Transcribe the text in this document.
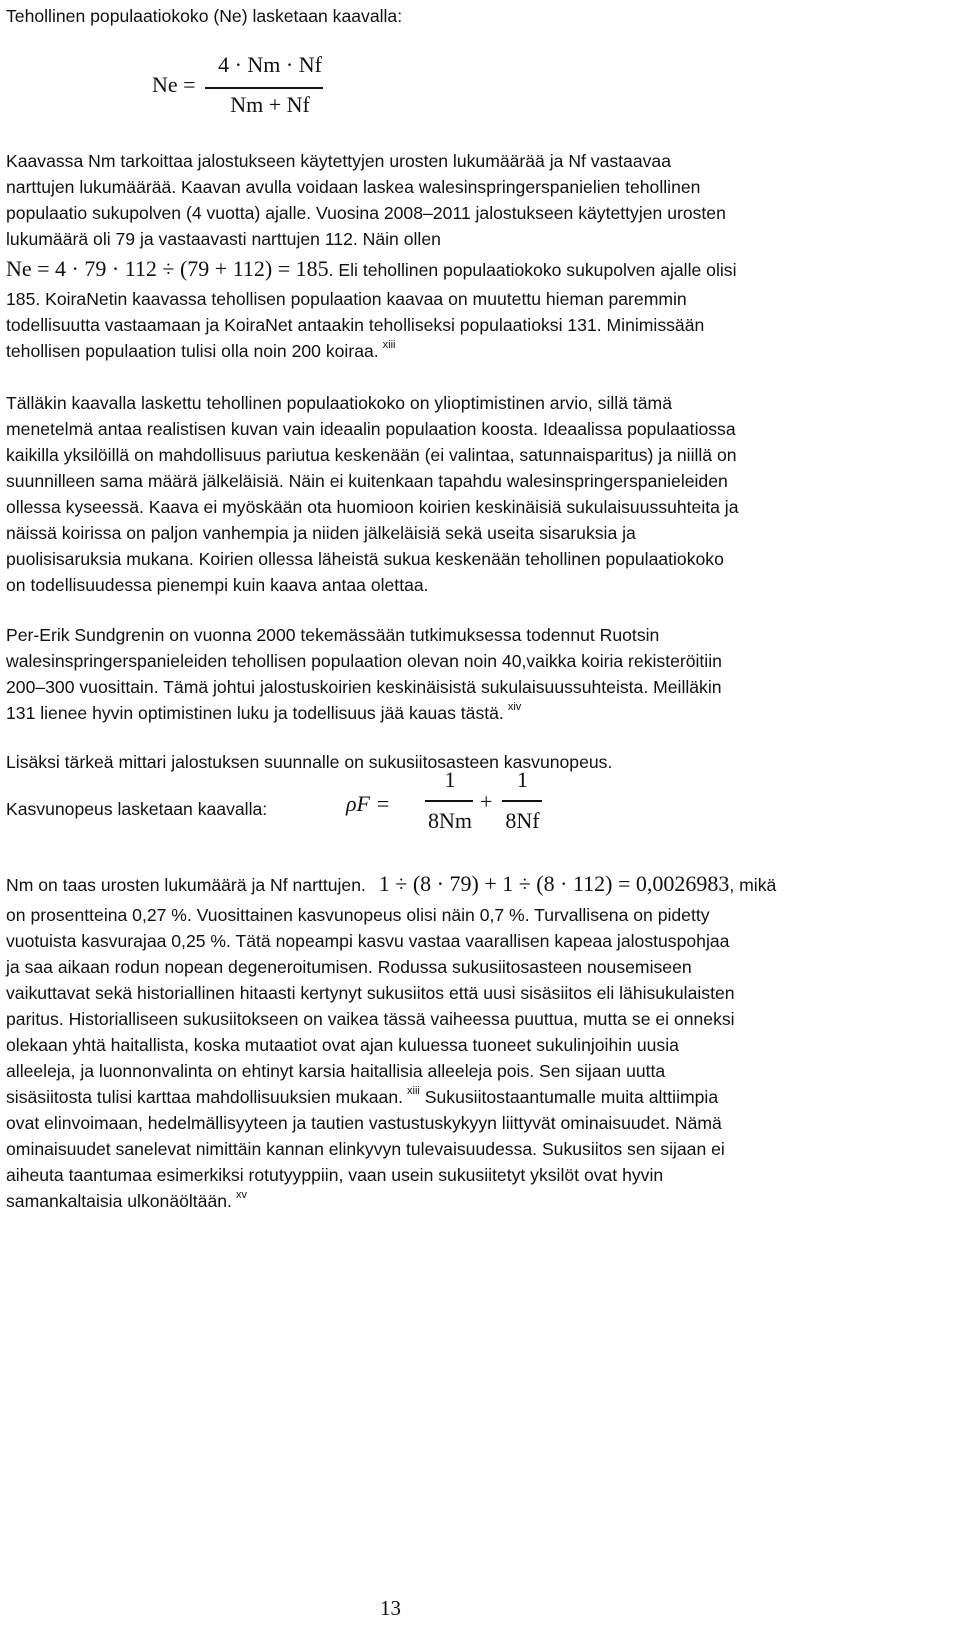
Tehollinen populaatiokoko (Ne) lasketaan kaavalla:
Ne =
4 · Nm · Nf
Nm + Nf
Kaavassa Nm tarkoittaa jalostukseen käytettyjen urosten lukumäärää ja Nf vastaavaa
narttujen lukumäärää. Kaavan avulla voidaan laskea walesinspringerspanielien tehollinen
populaatio sukupolven (4 vuotta) ajalle. Vuosina 2008–2011 jalostukseen käytettyjen urosten
lukumäärä oli 79 ja vastaavasti narttujen 112. Näin ollen
Ne = 4 · 79 · 112 ÷ (79 + 112) = 185. Eli tehollinen populaatiokoko sukupolven ajalle olisi
185. KoiraNetin kaavassa tehollisen populaation kaavaa on muutettu hieman paremmin
todellisuutta vastaamaan ja KoiraNet antaakin teholliseksi populaatioksi 131. Minimissään
tehollisen populaation tulisi olla noin 200 koiraa. $^{xiii}$
Tälläkin kaavalla laskettu tehollinen populaatiokoko on ylioptimistinen arvio, sillä tämä
menetelmä antaa realistisen kuvan vain ideaalin populaation koosta. Ideaalissa populaatiossa
kaikilla yksilöillä on mahdollisuus pariutua keskenään (ei valintaa, satunnaisparitus) ja niillä on
suunnilleen sama määrä jälkeläisiä. Näin ei kuitenkaan tapahdu walesinspringerspanieleiden
ollessa kyseessä. Kaava ei myöskään ota huomioon koirien keskinäisiä sukulaisuussuhteita ja
näissä koirissa on paljon vanhempia ja niiden jälkeläisiä sekä useita sisaruksia ja
puolisisaruksia mukana. Koirien ollessa läheistä sukua keskenään tehollinen populaatiokoko
on todellisuudessa pienempi kuin kaava antaa olettaa.
Per-Erik Sundgrenin on vuonna 2000 tekemässään tutkimuksessa todennut Ruotsin
walesinspringerspanieleiden tehollisen populaation olevan noin 40,vaikka koiria rekisteröitiin
200–300 vuosittain. Tämä johtui jalostuskoirien keskinäisistä sukulaisuussuhteista. Meilläkin
131 lienee hyvin optimistinen luku ja todellisuus jää kauas tästä. $^{xiv}$
Lisäksi tärkeä mittari jalostuksen suunnalle on sukusiitosasteen kasvunopeus.
Kasvunopeus lasketaan kaavalla:	ρF =
1
8Nm
+
1
8Nf
Nm on taas urosten lukumäärä ja Nf narttujen. 1 ÷ (8 · 79) + 1 ÷ (8 · 112) = 0,0026983, mikä
on prosentteina 0,27 %. Vuosittainen kasvunopeus olisi näin 0,7 %. Turvallisena on pidetty
vuotuista kasvurajaa 0,25 %. Tätä nopeampi kasvu vastaa vaarallisen kapeaa jalostuspohjaa
ja saa aikaan rodun nopean degeneroitumisen. Rodussa sukusiitosasteen nousemiseen
vaikuttavat sekä historiallinen hitaasti kertynyt sukusiitos että uusi sisäsiitos eli lähisukulaisten
paritus. Historialliseen sukusiitokseen on vaikea tässä vaiheessa puuttua, mutta se ei onneksi
olekaan yhtä haitallista, koska mutaatiot ovat ajan kuluessa tuoneet sukulinjoihin uusia
alleeleja, ja luonnonvalinta on ehtinyt karsia haitallisia alleeleja pois. Sen sijaan uutta
sisäsiitosta tulisi karttaa mahdollisuuksien mukaan. $^{xiii}$ Sukusiitostaantumalle muita alttiimpia
ovat elinvoimaan, hedelmällisyyteen ja tautien vastustuskykyyn liittyvät ominaisuudet. Nämä
ominaisuudet sanelevat nimittäin kannan elinkyvyn tulevaisuudessa. Sukusiitos sen sijaan ei
aiheuta taantumaa esimerkiksi rotutyyppiin, vaan usein sukusiitetyt yksilöt ovat hyvin
samankaltaisia ulkonäöltään. $^{xv}$
13
